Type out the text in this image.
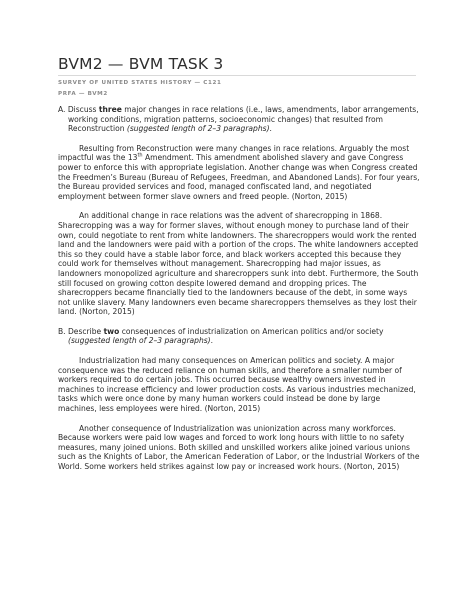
BVM2 — BVM TASK 3
SURVEY OF UNITED STATES HISTORY — C121
PRFA — BVM2

A. Discuss three major changes in race relations (i.e., laws, amendments, labor arrangements, working conditions, migration patterns, socioeconomic changes) that resulted from Reconstruction (suggested length of 2–3 paragraphs).

Resulting from Reconstruction were many changes in race relations. Arguably the most impactful was the 13th Amendment. This amendment abolished slavery and gave Congress power to enforce this with appropriate legislation. Another change was when Congress created the Freedmen’s Bureau (Bureau of Refugees, Freedman, and Abandoned Lands). For four years, the Bureau provided services and food, managed confiscated land, and negotiated employment between former slave owners and freed people. (Norton, 2015)

An additional change in race relations was the advent of sharecropping in 1868. Sharecropping was a way for former slaves, without enough money to purchase land of their own, could negotiate to rent from white landowners. The sharecroppers would work the rented land and the landowners were paid with a portion of the crops. The white landowners accepted this so they could have a stable labor force, and black workers accepted this because they could work for themselves without management. Sharecropping had major issues, as landowners monopolized agriculture and sharecroppers sunk into debt. Furthermore, the South still focused on growing cotton despite lowered demand and dropping prices. The sharecroppers became financially tied to the landowners because of the debt, in some ways not unlike slavery. Many landowners even became sharecroppers themselves as they lost their land. (Norton, 2015)

B. Describe two consequences of industrialization on American politics and/or society (suggested length of 2–3 paragraphs).

Industrialization had many consequences on American politics and society. A major consequence was the reduced reliance on human skills, and therefore a smaller number of workers required to do certain jobs. This occurred because wealthy owners invested in machines to increase efficiency and lower production costs. As various industries mechanized, tasks which were once done by many human workers could instead be done by large machines, less employees were hired. (Norton, 2015)

Another consequence of Industrialization was unionization across many workforces. Because workers were paid low wages and forced to work long hours with little to no safety measures, many joined unions. Both skilled and unskilled workers alike joined various unions such as the Knights of Labor, the American Federation of Labor, or the Industrial Workers of the World. Some workers held strikes against low pay or increased work hours. (Norton, 2015)
